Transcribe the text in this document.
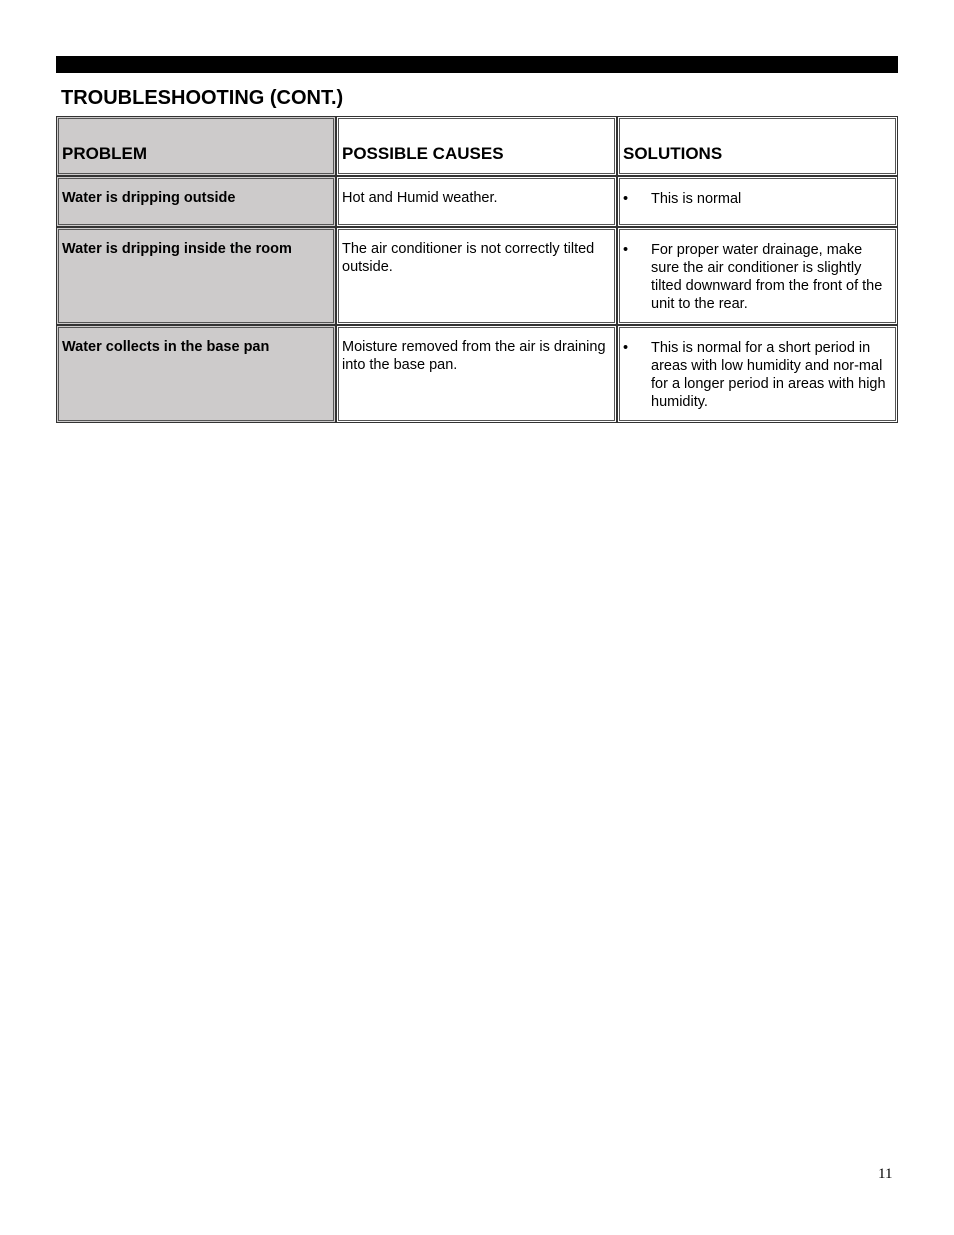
TROUBLESHOOTING (CONT.)
PROBLEM	POSSIBLE CAUSES	SOLUTIONS

Water is dripping outside	Hot and Humid weather.	• This is normal

Water is dripping inside the room	The air conditioner is not correctly tilted outside.	• For proper water drainage, make sure the air conditioner is slightly tilted downward from the front of the unit to the rear.

Water collects in the base pan	Moisture removed from the air is draining into the base pan.	• This is normal for a short period in areas with low humidity and nor-mal for a longer period in areas with high humidity.
11
